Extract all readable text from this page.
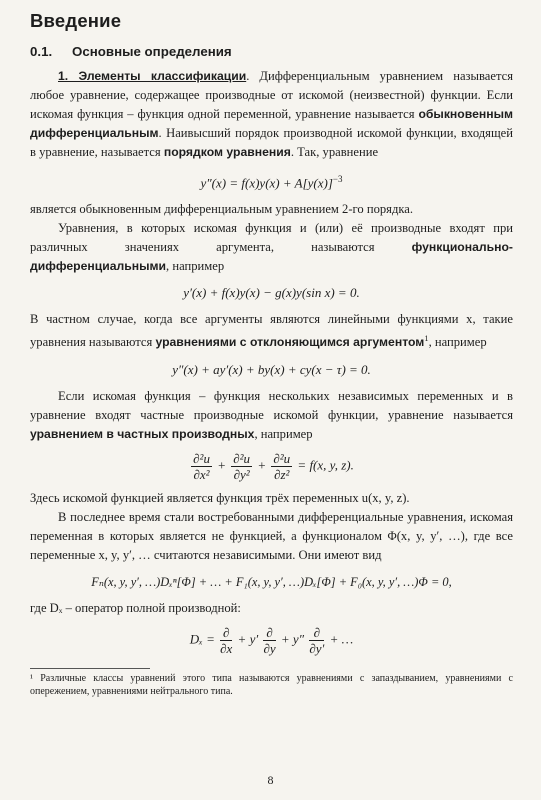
Введение
0.1. Основные определения

1. Элементы классификации. Дифференциальным уравнением называется любое уравнение, содержащее производные от искомой (неизвестной) функции. Если искомая функция – функция одной переменной, уравнение называется обыкновенным дифференциальным. Наивысший порядок производной искомой функции, входящей в уравнение, называется порядком уравнения. Так, уравнение

$y''(x) = f(x)y(x) + A[y(x)]^{-3}$

является обыкновенным дифференциальным уравнением 2-го порядка.

Уравнения, в которых искомая функция и (или) её производные входят при различных значениях аргумента, называются функционально-дифференциальными, например

y′(x) + f(x)y(x) − g(x)y(sin x) = 0.

В частном случае, когда все аргументы являются линейными функциями x, такие уравнения называются уравнениями с отклоняющимся аргументом$^1$, например

y″(x) + ay′(x) + by(x) + cy(x − τ) = 0.

Если искомая функция – функция нескольких независимых переменных и в уравнение входят частные производные искомой функции, уравнение называется уравнением в частных производных, например

$\frac{\text{∂²u}}{\text{∂x²}} + \frac{\text{∂²u}}{\text{∂y²}} + \frac{\text{∂²u}}{\text{∂z²}} = f(x$, y, z).

Здесь искомой функцией является функция трёх переменных u(x, y, z).

В последнее время стали востребованными дифференциальные уравнения, искомая переменная в которых является не функцией, а функционалом Φ(x, y, y′, …), где все переменные x, y, y′, … считаются независимыми. Они имеют вид

Fₙ(x, y, y′, …)Dₓⁿ[Φ] + … + F₁(x, y, y′, …)Dₓ[Φ] + F₀(x, y, y′, …)Φ = 0,

где Dₓ – оператор полной производной:

$D_x = \frac{\partial}{\partial x} + y' \frac{\partial}{\partial y} + y'' \frac{\partial}{\partial y'}$ + …
¹ Различные классы уравнений этого типа называются уравнениями с запаздыванием, уравнениями с опережением, уравнениями нейтрального типа.
8
